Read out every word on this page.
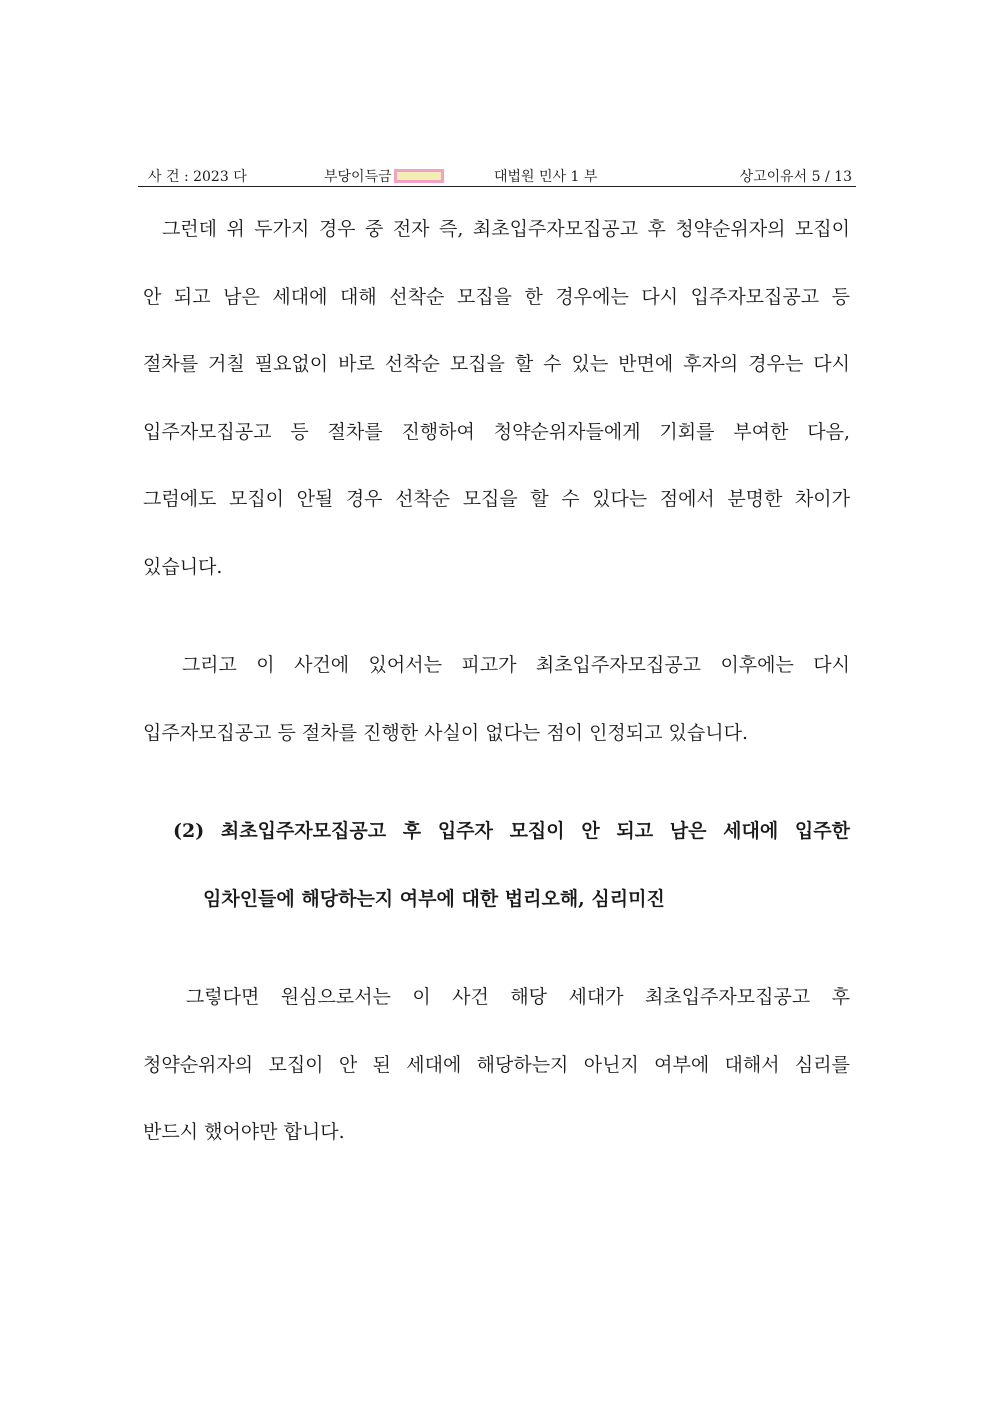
사 건 : 2023 다	부당이득금	대법원 민사 1 부	상고이유서 5 / 13
그런데 위 두가지 경우 중 전자 즉, 최초입주자모집공고 후 청약순위자의 모집이
안 되고 남은 세대에 대해 선착순 모집을 한 경우에는 다시 입주자모집공고 등
절차를 거칠 필요없이 바로 선착순 모집을 할 수 있는 반면에 후자의 경우는 다시
입주자모집공고 등 절차를 진행하여 청약순위자들에게 기회를 부여한 다음,
그럼에도 모집이 안될 경우 선착순 모집을 할 수 있다는 점에서 분명한 차이가
있습니다.
그리고 이 사건에 있어서는 피고가 최초입주자모집공고 이후에는 다시
입주자모집공고 등 절차를 진행한 사실이 없다는 점이 인정되고 있습니다.
(2) 최초입주자모집공고 후 입주자 모집이 안 되고 남은 세대에 입주한
임차인들에 해당하는지 여부에 대한 법리오해, 심리미진
그렇다면 원심으로서는 이 사건 해당 세대가 최초입주자모집공고 후
청약순위자의 모집이 안 된 세대에 해당하는지 아닌지 여부에 대해서 심리를
반드시 했어야만 합니다.
